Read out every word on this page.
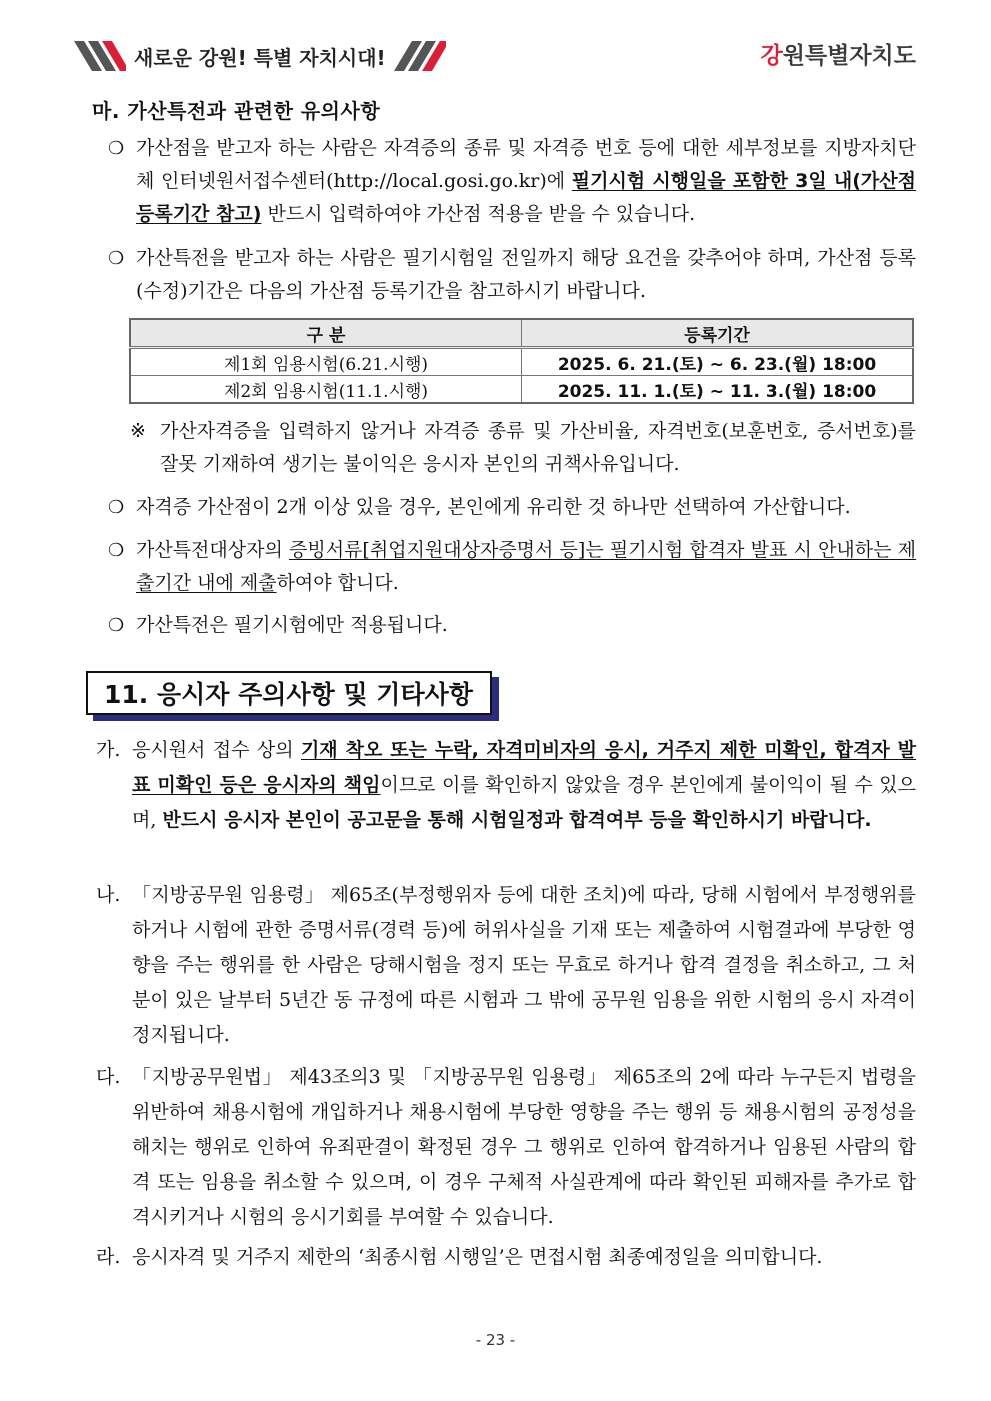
새로운 강원! 특별 자치시대!	강원특별자치도
마. 가산특전과 관련한 유의사항
❍ 가산점을 받고자 하는 사람은 자격증의 종류 및 자격증 번호 등에 대한 세부정보를 지방자치단체 인터넷원서접수센터(http://local.gosi.go.kr)에 필기시험 시행일을 포함한 3일 내(가산점 등록기간 참고) 반드시 입력하여야 가산점 적용을 받을 수 있습니다.
❍ 가산특전을 받고자 하는 사람은 필기시험일 전일까지 해당 요건을 갖추어야 하며, 가산점 등록(수정)기간은 다음의 가산점 등록기간을 참고하시기 바랍니다.
구 분	등록기간
제1회 임용시험(6.21.시행)	2025. 6. 21.(토) ~ 6. 23.(월) 18:00
제2회 임용시험(11.1.시행)	2025. 11. 1.(토) ~ 11. 3.(월) 18:00
※ 가산자격증을 입력하지 않거나 자격증 종류 및 가산비율, 자격번호(보훈번호, 증서번호)를 잘못 기재하여 생기는 불이익은 응시자 본인의 귀책사유입니다.
❍ 자격증 가산점이 2개 이상 있을 경우, 본인에게 유리한 것 하나만 선택하여 가산합니다.
❍ 가산특전대상자의 증빙서류[취업지원대상자증명서 등]는 필기시험 합격자 발표 시 안내하는 제출기간 내에 제출하여야 합니다.
❍ 가산특전은 필기시험에만 적용됩니다.
11. 응시자 주의사항 및 기타사항
가. 응시원서 접수 상의 기재 착오 또는 누락, 자격미비자의 응시, 거주지 제한 미확인, 합격자 발표 미확인 등은 응시자의 책임이므로 이를 확인하지 않았을 경우 본인에게 불이익이 될 수 있으며, 반드시 응시자 본인이 공고문을 통해 시험일정과 합격여부 등을 확인하시기 바랍니다.
나. 「지방공무원 임용령」 제65조(부정행위자 등에 대한 조치)에 따라, 당해 시험에서 부정행위를 하거나 시험에 관한 증명서류(경력 등)에 허위사실을 기재 또는 제출하여 시험결과에 부당한 영향을 주는 행위를 한 사람은 당해시험을 정지 또는 무효로 하거나 합격 결정을 취소하고, 그 처분이 있은 날부터 5년간 동 규정에 따른 시험과 그 밖에 공무원 임용을 위한 시험의 응시 자격이 정지됩니다.
다. 「지방공무원법」 제43조의3 및 「지방공무원 임용령」 제65조의 2에 따라 누구든지 법령을 위반하여 채용시험에 개입하거나 채용시험에 부당한 영향을 주는 행위 등 채용시험의 공정성을 해치는 행위로 인하여 유죄판결이 확정된 경우 그 행위로 인하여 합격하거나 임용된 사람의 합격 또는 임용을 취소할 수 있으며, 이 경우 구체적 사실관계에 따라 확인된 피해자를 추가로 합격시키거나 시험의 응시기회를 부여할 수 있습니다.
라. 응시자격 및 거주지 제한의 ‘최종시험 시행일’은 면접시험 최종예정일을 의미합니다.
- 23 -
